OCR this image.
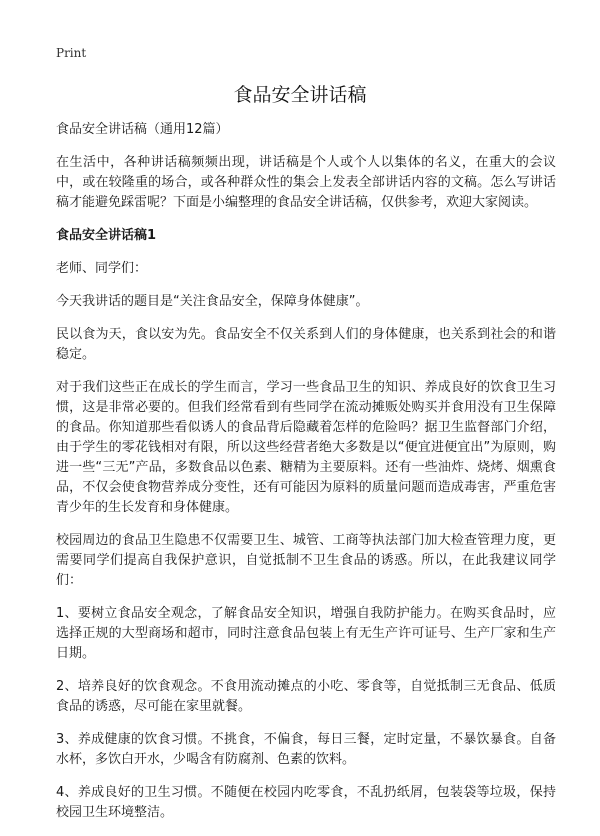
Print
食品安全讲话稿

食品安全讲话稿（通用12篇）

在生活中，各种讲话稿频频出现，讲话稿是个人或个人以集体的名义，在重大的会议中，或在较隆重的场合，或各种群众性的集会上发表全部讲话内容的文稿。怎么写讲话稿才能避免踩雷呢？下面是小编整理的食品安全讲话稿，仅供参考，欢迎大家阅读。

食品安全讲话稿1

老师、同学们：

今天我讲话的题目是“关注食品安全，保障身体健康”。

民以食为天，食以安为先。食品安全不仅关系到人们的身体健康，也关系到社会的和谐稳定。

对于我们这些正在成长的学生而言，学习一些食品卫生的知识、养成良好的饮食卫生习惯，这是非常必要的。但我们经常看到有些同学在流动摊贩处购买并食用没有卫生保障的食品。你知道那些看似诱人的食品背后隐藏着怎样的危险吗？据卫生监督部门介绍，由于学生的零花钱相对有限，所以这些经营者绝大多数是以“便宜进便宜出”为原则，购进一些“三无”产品，多数食品以色素、糖精为主要原料。还有一些油炸、烧烤、烟熏食品，不仅会使食物营养成分变性，还有可能因为原料的质量问题而造成毒害，严重危害青少年的生长发育和身体健康。

校园周边的食品卫生隐患不仅需要卫生、城管、工商等执法部门加大检查管理力度，更需要同学们提高自我保护意识，自觉抵制不卫生食品的诱惑。所以，在此我建议同学们：

1、要树立食品安全观念，了解食品安全知识，增强自我防护能力。在购买食品时，应选择正规的大型商场和超市，同时注意食品包装上有无生产许可证号、生产厂家和生产日期。

2、培养良好的饮食观念。不食用流动摊点的小吃、零食等，自觉抵制三无食品、低质食品的诱惑，尽可能在家里就餐。

3、养成健康的饮食习惯。不挑食，不偏食，每日三餐，定时定量，不暴饮暴食。自备水杯，多饮白开水，少喝含有防腐剂、色素的饮料。

4、养成良好的卫生习惯。不随便在校园内吃零食，不乱扔纸屑，包装袋等垃圾，保持校园卫生环境整洁。
